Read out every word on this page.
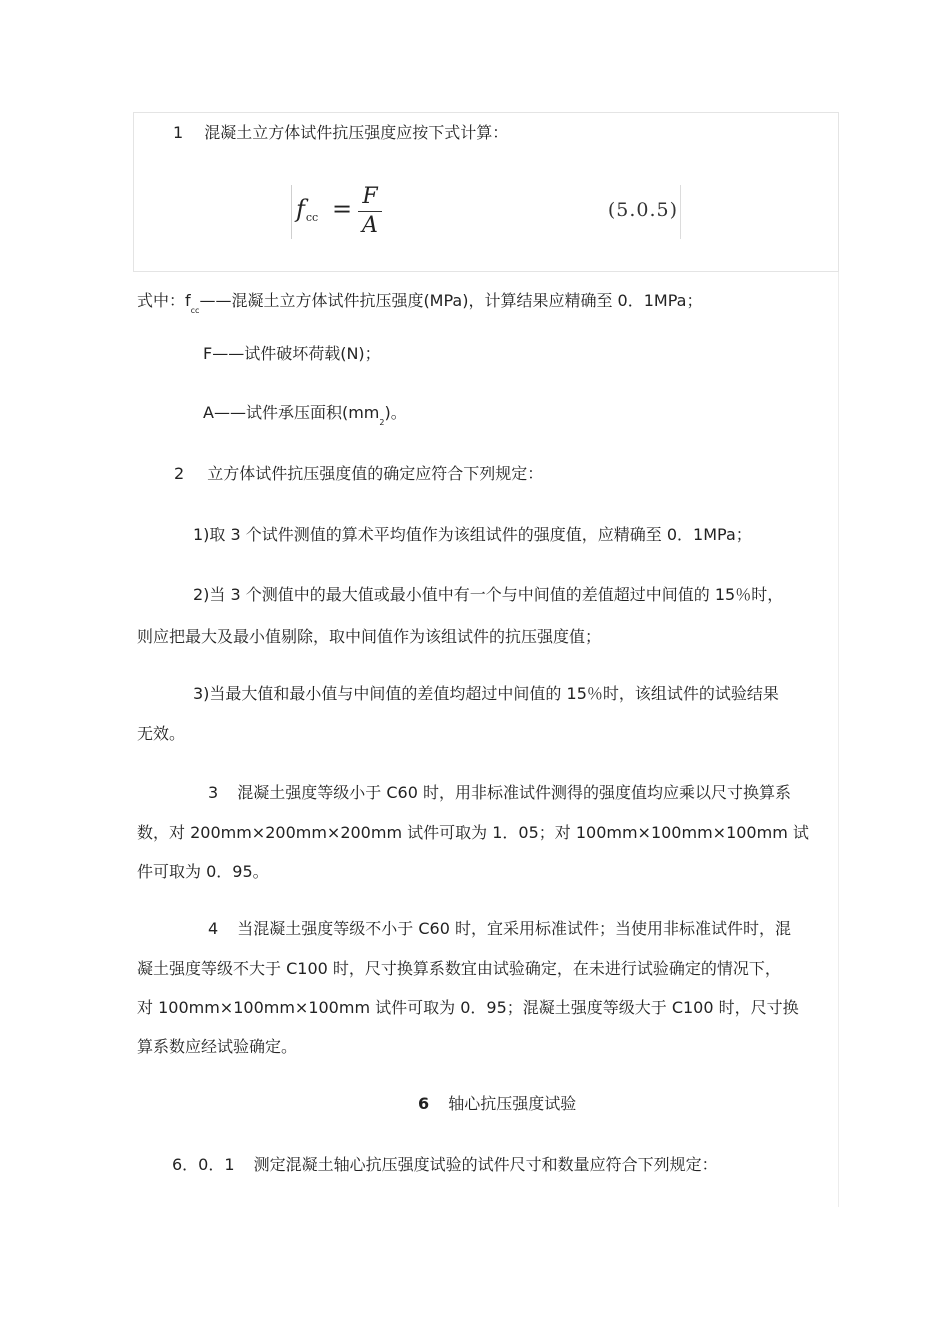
1 混凝土立方体试件抗压强度应按下式计算：
$f_{cc} = F$
A
(5.0.5)
式中：$f_{cc}——$混凝土立方体试件抗压强度(MPa)，计算结果应精确至 0．1MPa；
F——试件破坏荷载(N)；
A——试件承压面积$(mm_2)$。
2 立方体试件抗压强度值的确定应符合下列规定：
1)取 3 个试件测值的算术平均值作为该组试件的强度值，应精确至 0．1MPa；
2)当 3 个测值中的最大值或最小值中有一个与中间值的差值超过中间值的 15％时，
则应把最大及最小值剔除，取中间值作为该组试件的抗压强度值；
3)当最大值和最小值与中间值的差值均超过中间值的 15％时，该组试件的试验结果
无效。
3 混凝土强度等级小于 C60 时，用非标准试件测得的强度值均应乘以尺寸换算系
数，对 200mm×200mm×200mm 试件可取为 1．05；对 100mm×100mm×100mm 试
件可取为 0．95。
4 当混凝土强度等级不小于 C60 时，宜采用标准试件；当使用非标准试件时，混
凝土强度等级不大于 C100 时，尺寸换算系数宜由试验确定，在未进行试验确定的情况下，
对 100mm×100mm×100mm 试件可取为 0．95；混凝土强度等级大于 C100 时，尺寸换
算系数应经试验确定。
6 轴心抗压强度试验
6．0．1 测定混凝土轴心抗压强度试验的试件尺寸和数量应符合下列规定：
